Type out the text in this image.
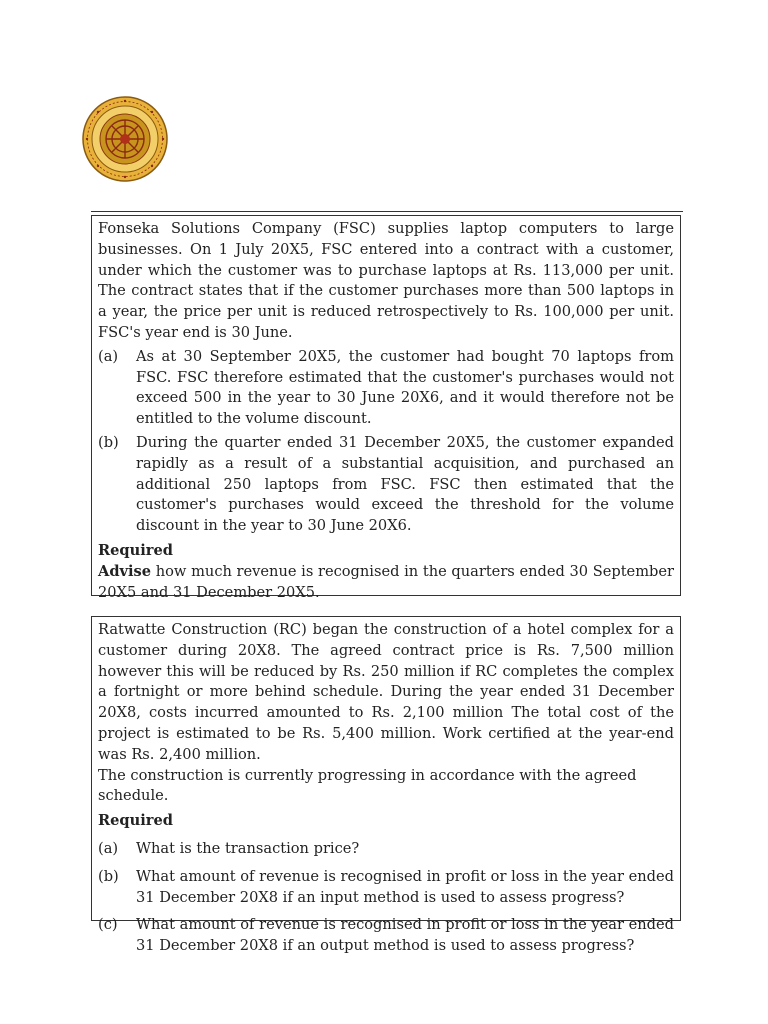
Fonseka Solutions Company (FSC) supplies laptop computers to large businesses. On 1 July 20X5, FSC entered into a contract with a customer, under which the customer was to purchase laptops at Rs. 113,000 per unit. The contract states that if the customer purchases more than 500 laptops in a year, the price per unit is reduced retrospectively to Rs. 100,000 per unit. FSC's year end is 30 June.

(a)	As at 30 September 20X5, the customer had bought 70 laptops from FSC. FSC therefore estimated that the customer's purchases would not exceed 500 in the year to 30 June 20X6, and it would therefore not be entitled to the volume discount.
(b)	During the quarter ended 31 December 20X5, the customer expanded rapidly as a result of a substantial acquisition, and purchased an additional 250 laptops from FSC. FSC then estimated that the customer's purchases would exceed the threshold for the volume discount in the year to 30 June 20X6.
Required

Advise how much revenue is recognised in the quarters ended 30 September 20X5 and 31 December 20X5.

Ratwatte Construction (RC) began the construction of a hotel complex for a customer during 20X8. The agreed contract price is Rs. 7,500 million however this will be reduced by Rs. 250 million if RC completes the complex a fortnight or more behind schedule. During the year ended 31 December 20X8, costs incurred amounted to Rs. 2,100 million The total cost of the project is estimated to be Rs. 5,400 million. Work certified at the year-end was Rs. 2,400 million.

The construction is currently progressing in accordance with the agreed schedule.

Required
(a)	What is the transaction price?
(b)	What amount of revenue is recognised in profit or loss in the year ended 31 December 20X8 if an input method is used to assess progress?
(c)	What amount of revenue is recognised in profit or loss in the year ended 31 December 20X8 if an output method is used to assess progress?
